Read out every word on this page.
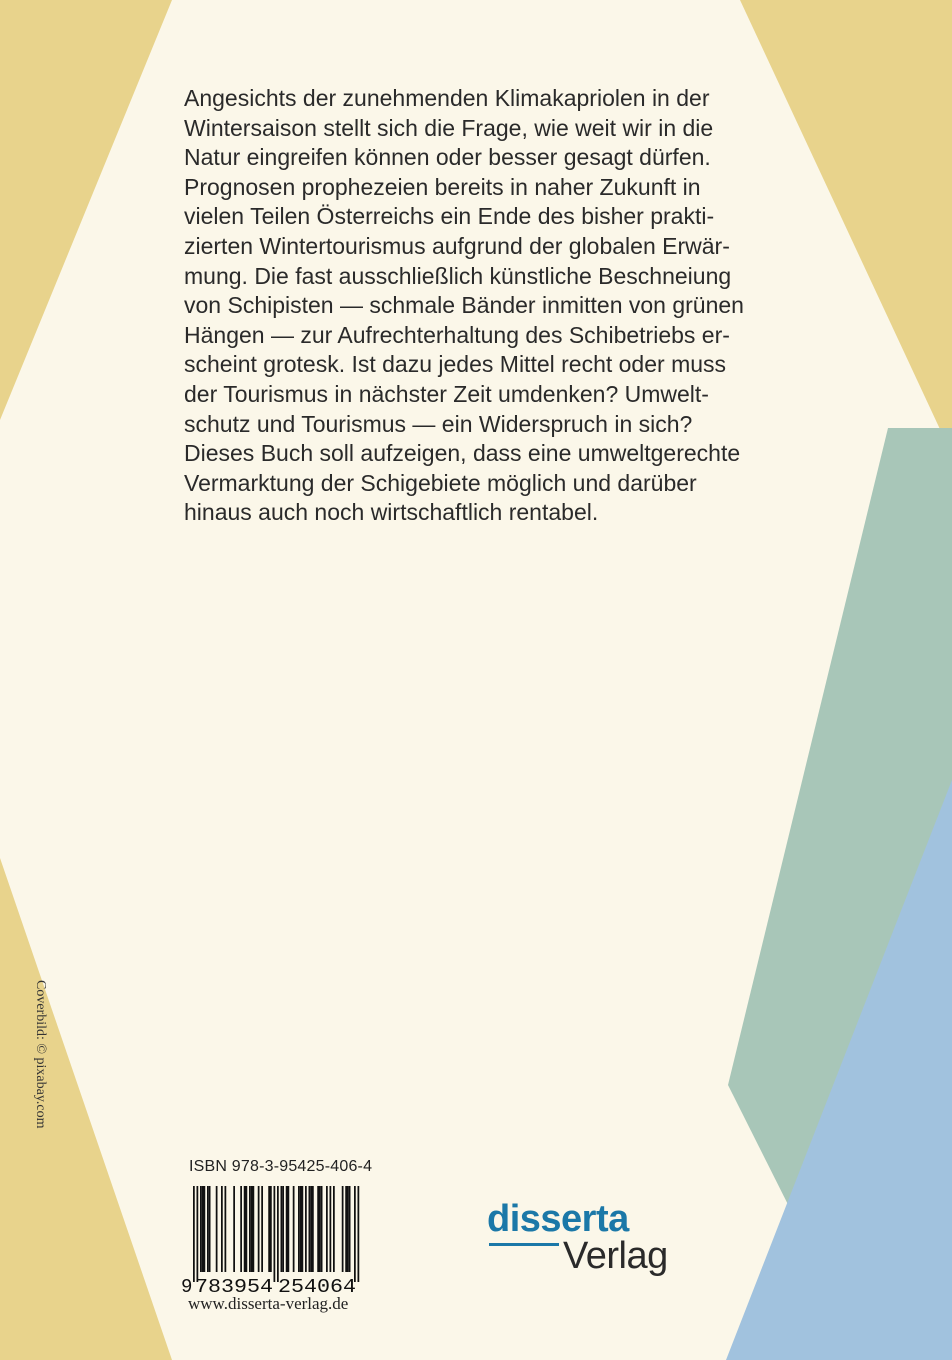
Angesichts der zunehmenden Klimakapriolen in der
Wintersaison stellt sich die Frage, wie weit wir in die
Natur eingreifen können oder besser gesagt dürfen.
Prognosen prophezeien bereits in naher Zukunft in
vielen Teilen Österreichs ein Ende des bisher prakti-
zierten Wintertourismus aufgrund der globalen Erwär-
mung. Die fast ausschließlich künstliche Beschneiung
von Schipisten — schmale Bänder inmitten von grünen
Hängen — zur Aufrechterhaltung des Schibetriebs er-
scheint grotesk. Ist dazu jedes Mittel recht oder muss
der Tourismus in nächster Zeit umdenken? Umwelt-
schutz und Tourismus — ein Widerspruch in sich?
Dieses Buch soll aufzeigen, dass eine umweltgerechte
Vermarktung der Schigebiete möglich und darüber
hinaus auch noch wirtschaftlich rentabel.

Coverbild: © pixabay.com
ISBN 978-3-95425-406-4
9 783954 254064
www.disserta-verlag.de
disserta
Verlag
